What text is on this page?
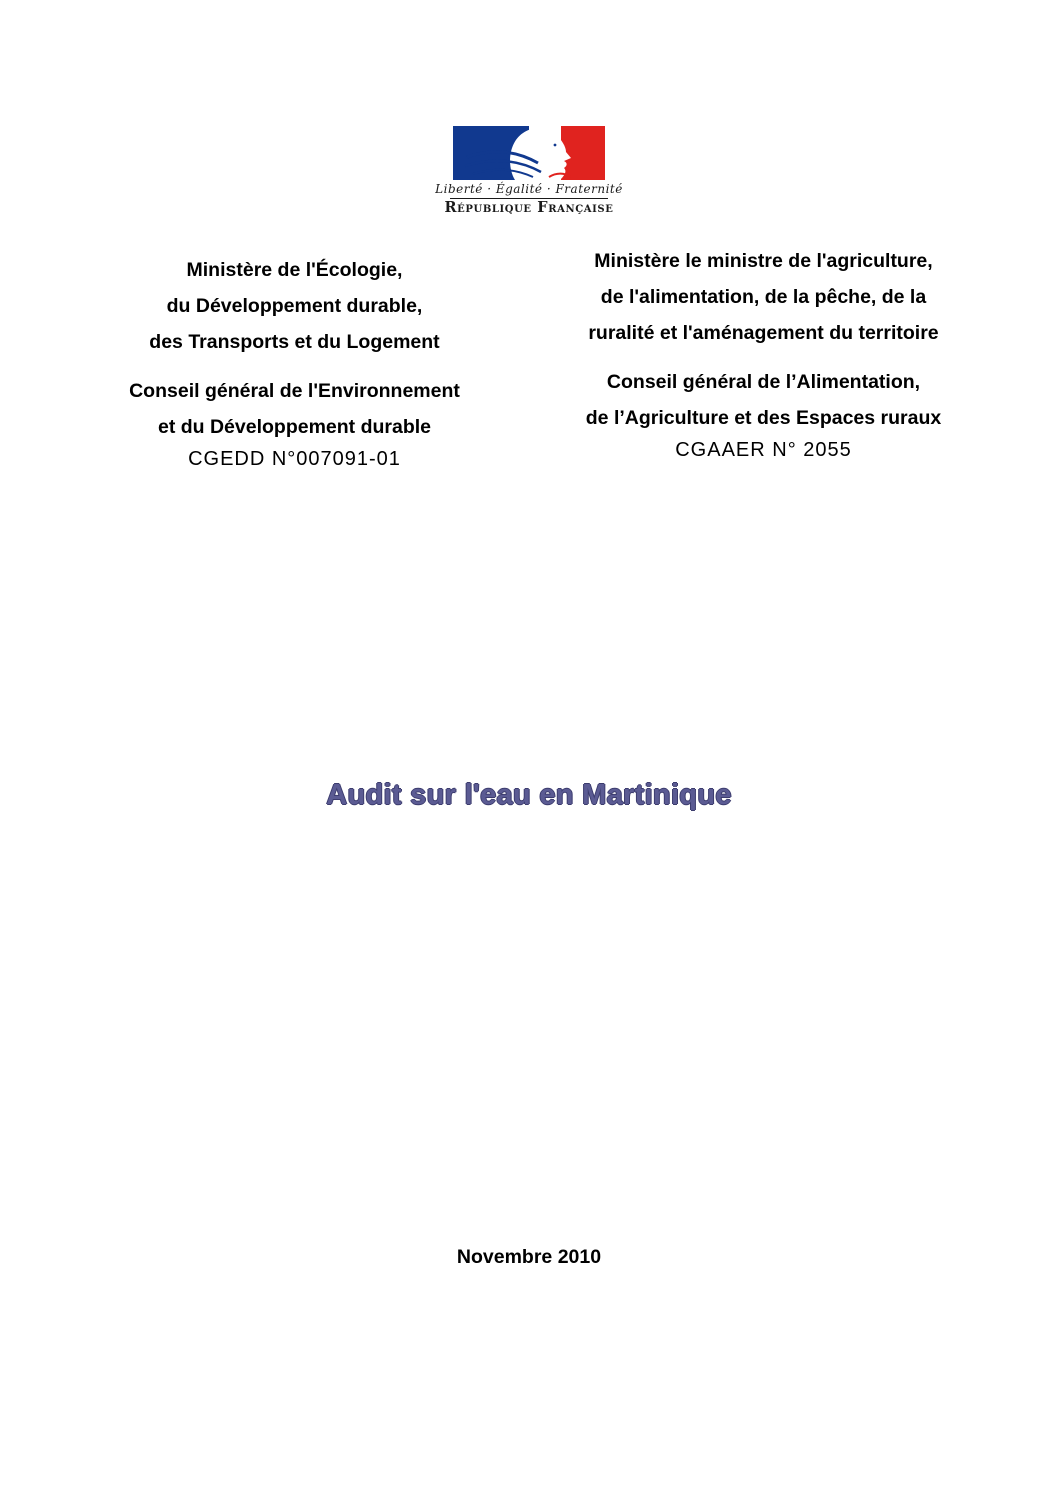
Liberté · Égalité · Fraternité
République Française
Ministère de l'Écologie,
du Développement durable,
des Transports et du Logement
Conseil général de l'Environnement
et du Développement durable
CGEDD N°007091-01
Ministère le ministre de l'agriculture,
de l'alimentation, de la pêche, de la
ruralité et l'aménagement du territoire
Conseil général de l’Alimentation,
de l’Agriculture et des Espaces ruraux
CGAAER N° 2055
Audit sur l'eau en Martinique
Novembre 2010
